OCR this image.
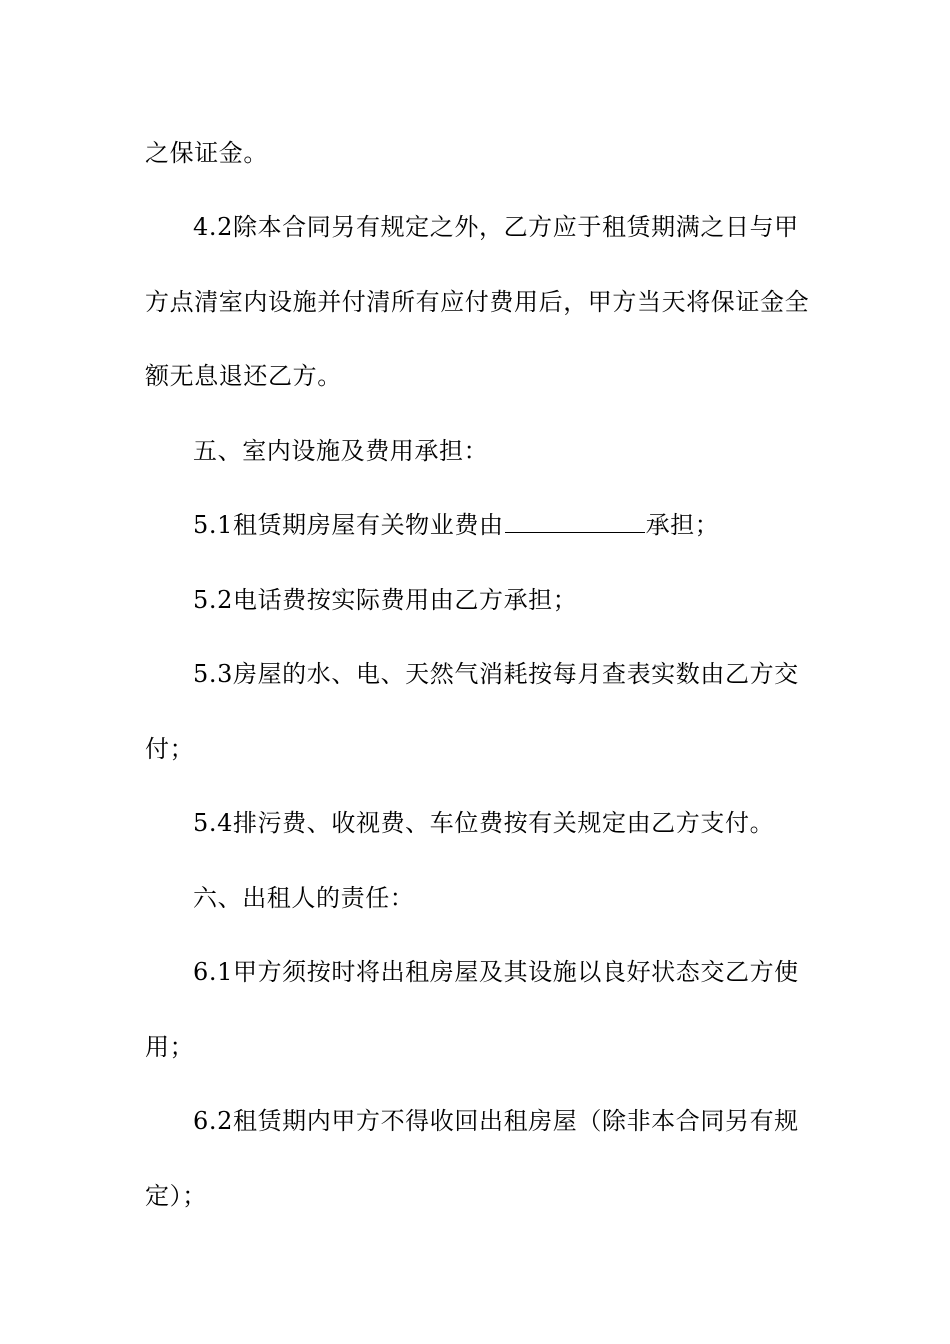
之保证金。
4.2除本合同另有规定之外，乙方应于租赁期满之日与甲
方点清室内设施并付清所有应付费用后，甲方当天将保证金全
额无息退还乙方。
五、室内设施及费用承担：
5.1租赁期房屋有关物业费由	承担；
5.2电话费按实际费用由乙方承担；
5.3房屋的水、电、天然气消耗按每月查表实数由乙方交
付；
5.4排污费、收视费、车位费按有关规定由乙方支付。
六、出租人的责任：
6.1甲方须按时将出租房屋及其设施以良好状态交乙方使
用；
6.2租赁期内甲方不得收回出租房屋（除非本合同另有规
定）；
